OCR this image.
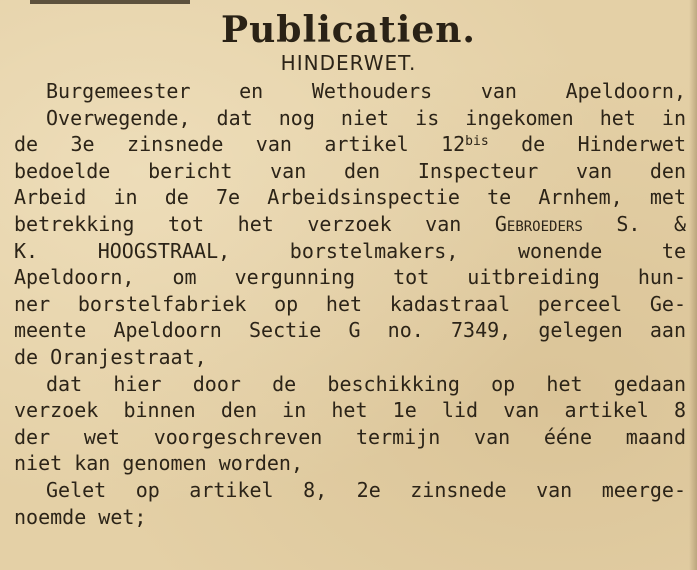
Publicatien.
HINDERWET.
Burgemeester en Wethouders van Apeldoorn,
Overwegende, dat nog niet is ingekomen het in
de 3e zinsnede van artikel $12^{bis}$ de Hinderwet
bedoelde bericht van den Inspecteur van den
Arbeid in de 7e Arbeidsinspectie te Arnhem, met
betrekking tot het verzoek van Gebroeders S. &
K. HOOGSTRAAL, borstelmakers, wonende te
Apeldoorn, om vergunning tot uitbreiding hun-
ner borstelfabriek op het kadastraal perceel Ge-
meente Apeldoorn Sectie G no. 7349, gelegen aan
de Oranjestraat,
dat hier door de beschikking op het gedaan
verzoek binnen den in het 1e lid van artikel 8
der wet voorgeschreven termijn van ééne maand
niet kan genomen worden,
Gelet op artikel 8, 2e zinsnede van meerge-
noemde wet;
